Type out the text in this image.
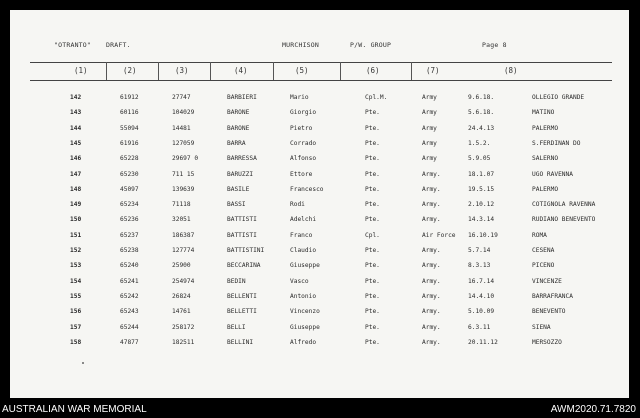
"OTRANTO" DRAFT.	MURCHISON	P/W. GROUP	Page 8
(1)	(2)	(3)	(4)	(5)	(6)	(7)	(8)
142	61912	27747	BARBIERI	Mario	Cpl.M.	Army	9.6.18.	OLLEGIO GRANDE
143	60116	104029	BARONE	Giorgio	Pte.	Army	5.6.18.	MATINO
144	55094	14481	BARONE	Pietro	Pte.	Army	24.4.13	PALERMO
145	61916	127059	BARRA	Corrado	Pte.	Army	1.5.2.	S.FERDINAN DO
146	65228	29697 0	BARRESSA	Alfonso	Pte.	Army	5.9.05	SALERNO
147	65230	711 15	BARUZZI	Ettore	Pte.	Army.	18.1.07	UGO RAVENNA
148	45097	139639	BASILE	Francesco	Pte.	Army.	19.5.15	PALERMO
149	65234	71118	BASSI	Rodi	Pte.	Army.	2.10.12	COTIGNOLA RAVENNA
150	65236	32051	BATTISTI	Adelchi	Pte.	Army.	14.3.14	RUDIANO BENEVENTO
151	65237	186387	BATTISTI	Franco	Cpl.	Air Force 16.10.19	ROMA
152	65238	127774	BATTISTINI	Claudio	Pte.	Army.	5.7.14	CESENA
153	65240	25900	BECCARINA	Giuseppe	Pte.	Army.	8.3.13	PICENO
154	65241	254974	BEDIN	Vasco	Pte.	Army.	16.7.14	VINCENZE
155	65242	26824	BELLENTI	Antonio	Pte.	Army.	14.4.10	BARRAFRANCA
156	65243	14761	BELLETTI	Vincenzo	Pte.	Army.	5.10.09	BENEVENTO
157	65244	258172	BELLI	Giuseppe	Pte.	Army.	6.3.11	SIENA
158	47877	182511	BELLINI	Alfredo	Pte.	Army.	20.11.12	MERSOZZO
AUSTRALIAN WAR MEMORIAL	AWM2020.71.7820
